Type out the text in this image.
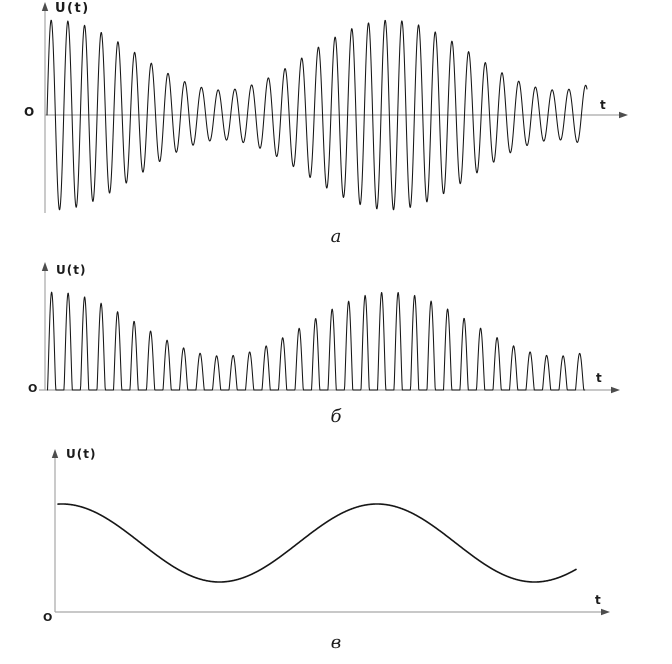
U(t)
t
O
а
U(t)
t
O
б
U(t)
t
O
в
